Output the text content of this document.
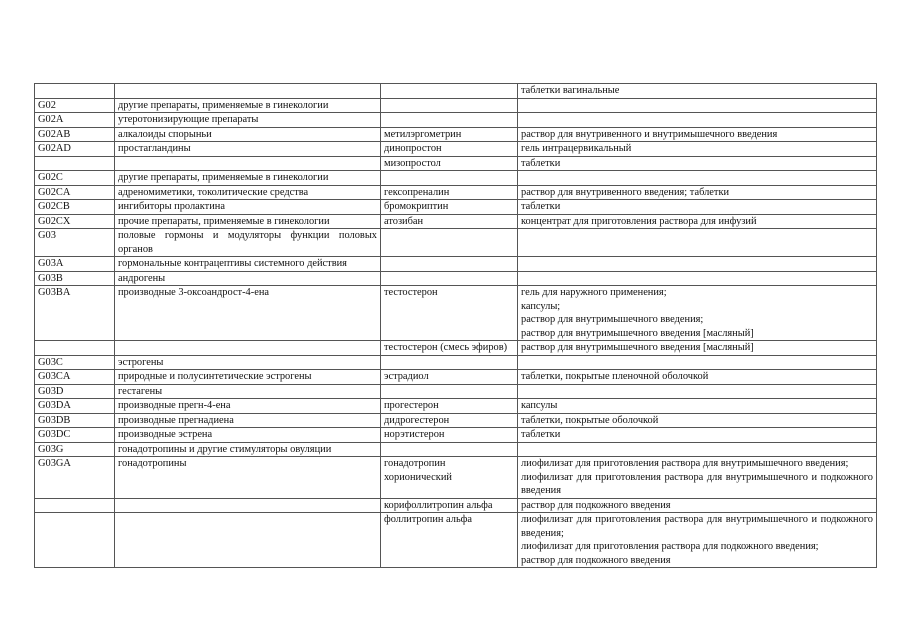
			таблетки вагинальные
G02	другие препараты, применяемые в гинекологии		
G02A	утеротонизирующие препараты		
G02AB	алкалоиды спорыньи	метилэргометрин	раствор для внутривенного и внутримышечного введения
G02AD	простагландины	динопростон	гель интрацервикальный
		мизопростол	таблетки
G02C	другие препараты, применяемые в гинекологии		
G02CA	адреномиметики, токолитические средства	гексопреналин	раствор для внутривенного введения; таблетки
G02CB	ингибиторы пролактина	бромокриптин	таблетки
G02CX	прочие препараты, применяемые в гинекологии	атозибан	концентрат для приготовления раствора для инфузий
G03	половые гормоны и модуляторы функции половых органов		
G03A	гормональные контрацептивы системного действия		
G03B	андрогены		
G03BA	производные 3-оксоандрост-4-ена	тестостерон	гель для наружного применения;
капсулы;
раствор для внутримышечного введения;
раствор для внутримышечного введения [масляный]
		тестостерон (смесь эфиров)	раствор для внутримышечного введения [масляный]
G03C	эстрогены		
G03CA	природные и полусинтетические эстрогены	эстрадиол	таблетки, покрытые пленочной оболочкой
G03D	гестагены		
G03DA	производные прегн-4-ена	прогестерон	капсулы
G03DB	производные прегнадиена	дидрогестерон	таблетки, покрытые оболочкой
G03DC	производные эстрена	норэтистерон	таблетки
G03G	гонадотропины и другие стимуляторы овуляции		
G03GA	гонадотропины	гонадотропин хорионический	лиофилизат для приготовления раствора для внутримышечного введения;
лиофилизат для приготовления раствора для внутримышечного и подкожного введения
		корифоллитропин альфа	раствор для подкожного введения
		фоллитропин альфа	лиофилизат для приготовления раствора для внутримышечного и подкожного введения;
лиофилизат для приготовления раствора для подкожного введения;
раствор для подкожного введения
